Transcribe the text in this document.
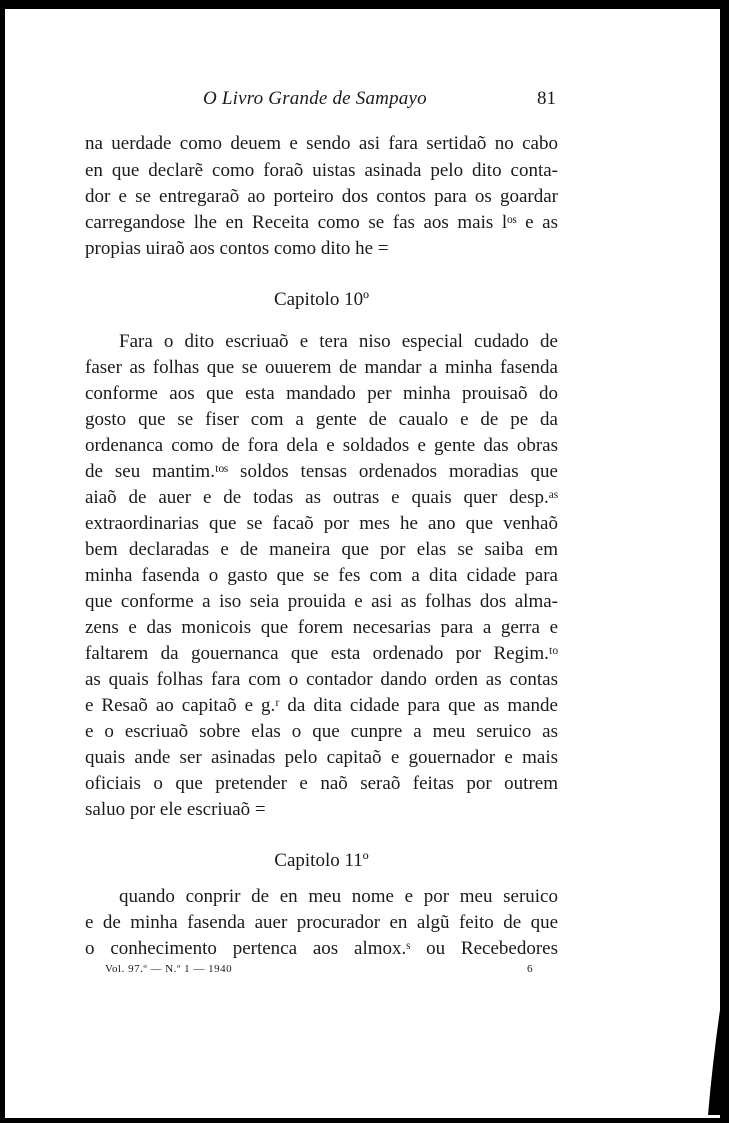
O Livro Grande de Sampayo	81
na uerdade como deuem e sendo asi fara sertidaõ no cabo
en que declarẽ como foraõ uistas asinada pelo dito conta-
dor e se entregaraõ ao porteiro dos contos para os goardar
carregandose lhe en Receita como se fas aos mais lᵒˢ e as
propias uiraõ aos contos como dito he =
Capitolo 10º
Fara o dito escriuaõ e tera niso especial cudado de
faser as folhas que se ouuerem de mandar a minha fasenda
conforme aos que esta mandado per minha prouisaõ do
gosto que se fiser com a gente de caualo e de pe da
ordenanca como de fora dela e soldados e gente das obras
de seu mantim.ᵗᵒˢ soldos tensas ordenados moradias que
aiaõ de auer e de todas as outras e quais quer desp.ᵃˢ
extraordinarias que se facaõ por mes he ano que venhaõ
bem declaradas e de maneira que por elas se saiba em
minha fasenda o gasto que se fes com a dita cidade para
que conforme a iso seia prouida e asi as folhas dos alma-
zens e das monicois que forem necesarias para a gerra e
faltarem da gouernanca que esta ordenado por Regim.ᵗᵒ
as quais folhas fara com o contador dando orden as contas
e Resaõ ao capitaõ e g.ʳ da dita cidade para que as mande
e o escriuaõ sobre elas o que cunpre a meu seruico as
quais ande ser asinadas pelo capitaõ e gouernador e mais
oficiais o que pretender e naõ seraõ feitas por outrem
saluo por ele escriuaõ =
Capitolo 11º
quando conprir de en meu nome e por meu seruico
e de minha fasenda auer procurador en algũ feito de que
o conhecimento pertenca aos almox.ˢ ou Recebedores
Vol. 97.º — N.º 1 — 1940	6
